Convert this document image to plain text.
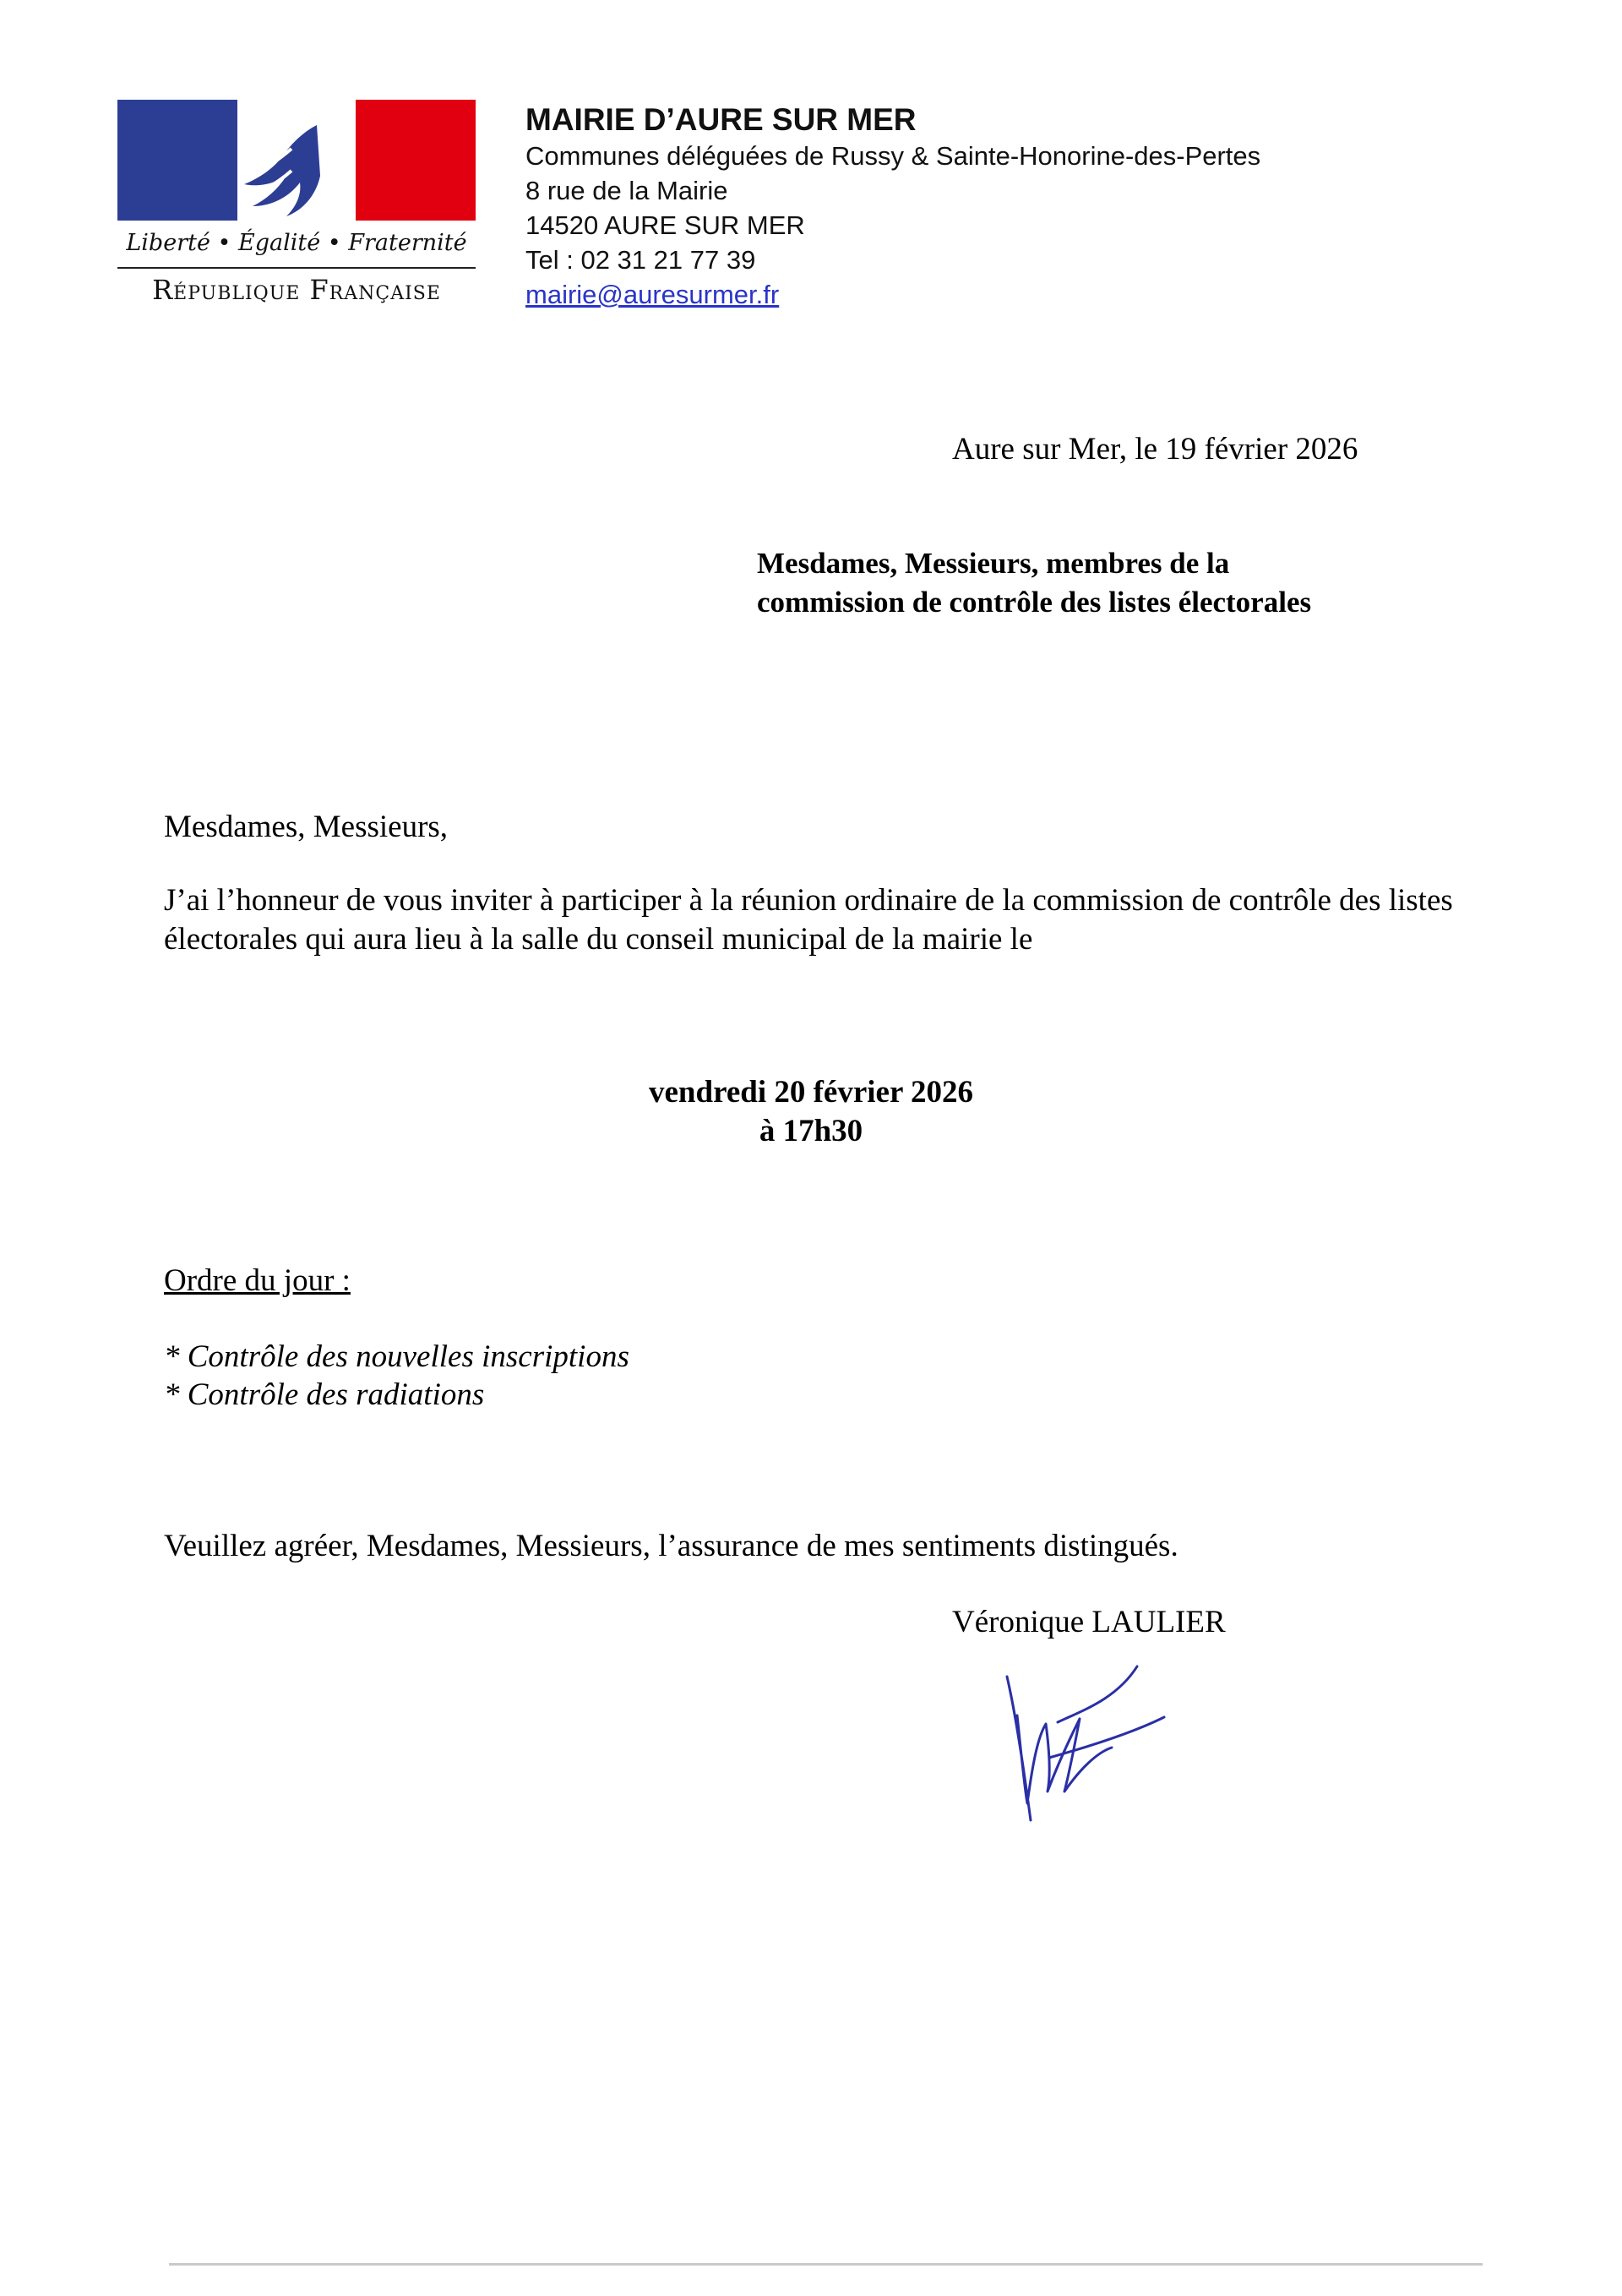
Liberté • Égalité • Fraternité
République Française
MAIRIE D’AURE SUR MER
Communes déléguées de Russy & Sainte-Honorine-des-Pertes
8 rue de la Mairie
14520 AURE SUR MER
Tel : 02 31 21 77 39
mairie@auresurmer.fr
Aure sur Mer, le 19 février 2026
Mesdames, Messieurs, membres de la
commission de contrôle des listes électorales
Mesdames, Messieurs,
J’ai l’honneur de vous inviter à participer à la réunion ordinaire de la commission de contrôle des listes électorales qui aura lieu à la salle du conseil municipal de la mairie le
vendredi 20 février 2026
à 17h30
Ordre du jour :
* Contrôle des nouvelles inscriptions
* Contrôle des radiations
Veuillez agréer, Mesdames, Messieurs, l’assurance de mes sentiments distingués.
Véronique LAULIER
